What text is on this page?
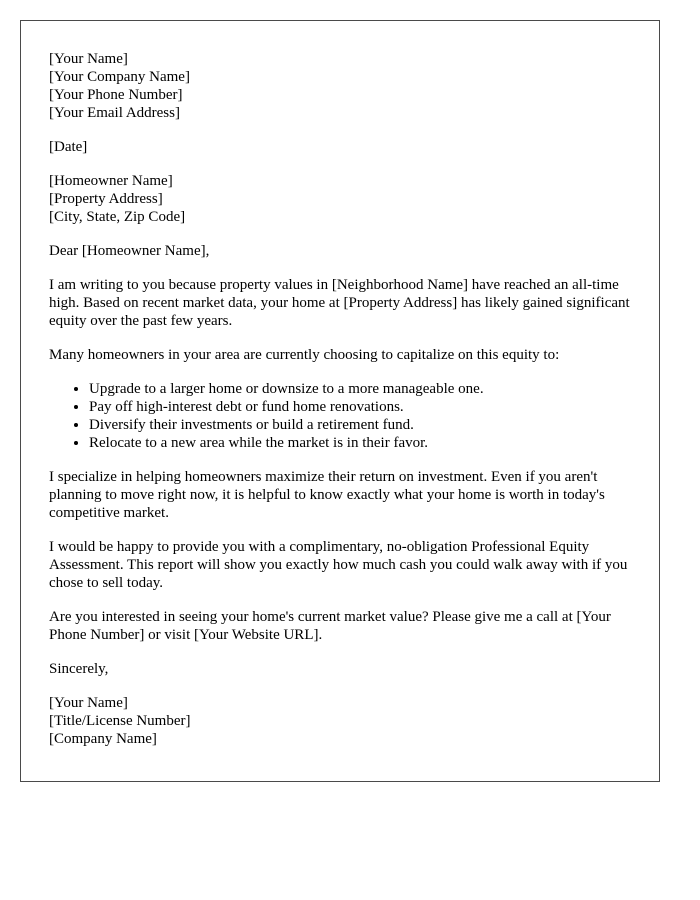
[Your Name]
[Your Company Name]
[Your Phone Number]
[Your Email Address]
[Date]
[Homeowner Name]
[Property Address]
[City, State, Zip Code]

Dear [Homeowner Name],

I am writing to you because property values in [Neighborhood Name] have reached an all-time high. Based on recent market data, your home at [Property Address] has likely gained significant equity over the past few years.

Many homeowners in your area are currently choosing to capitalize on this equity to:

• Upgrade to a larger home or downsize to a more manageable one.
• Pay off high-interest debt or fund home renovations.
• Diversify their investments or build a retirement fund.
• Relocate to a new area while the market is in their favor.

I specialize in helping homeowners maximize their return on investment. Even if you aren't planning to move right now, it is helpful to know exactly what your home is worth in today's competitive market.

I would be happy to provide you with a complimentary, no-obligation Professional Equity Assessment. This report will show you exactly how much cash you could walk away with if you chose to sell today.

Are you interested in seeing your home's current market value? Please give me a call at [Your Phone Number] or visit [Your Website URL].

Sincerely,

[Your Name]
[Title/License Number]
[Company Name]
